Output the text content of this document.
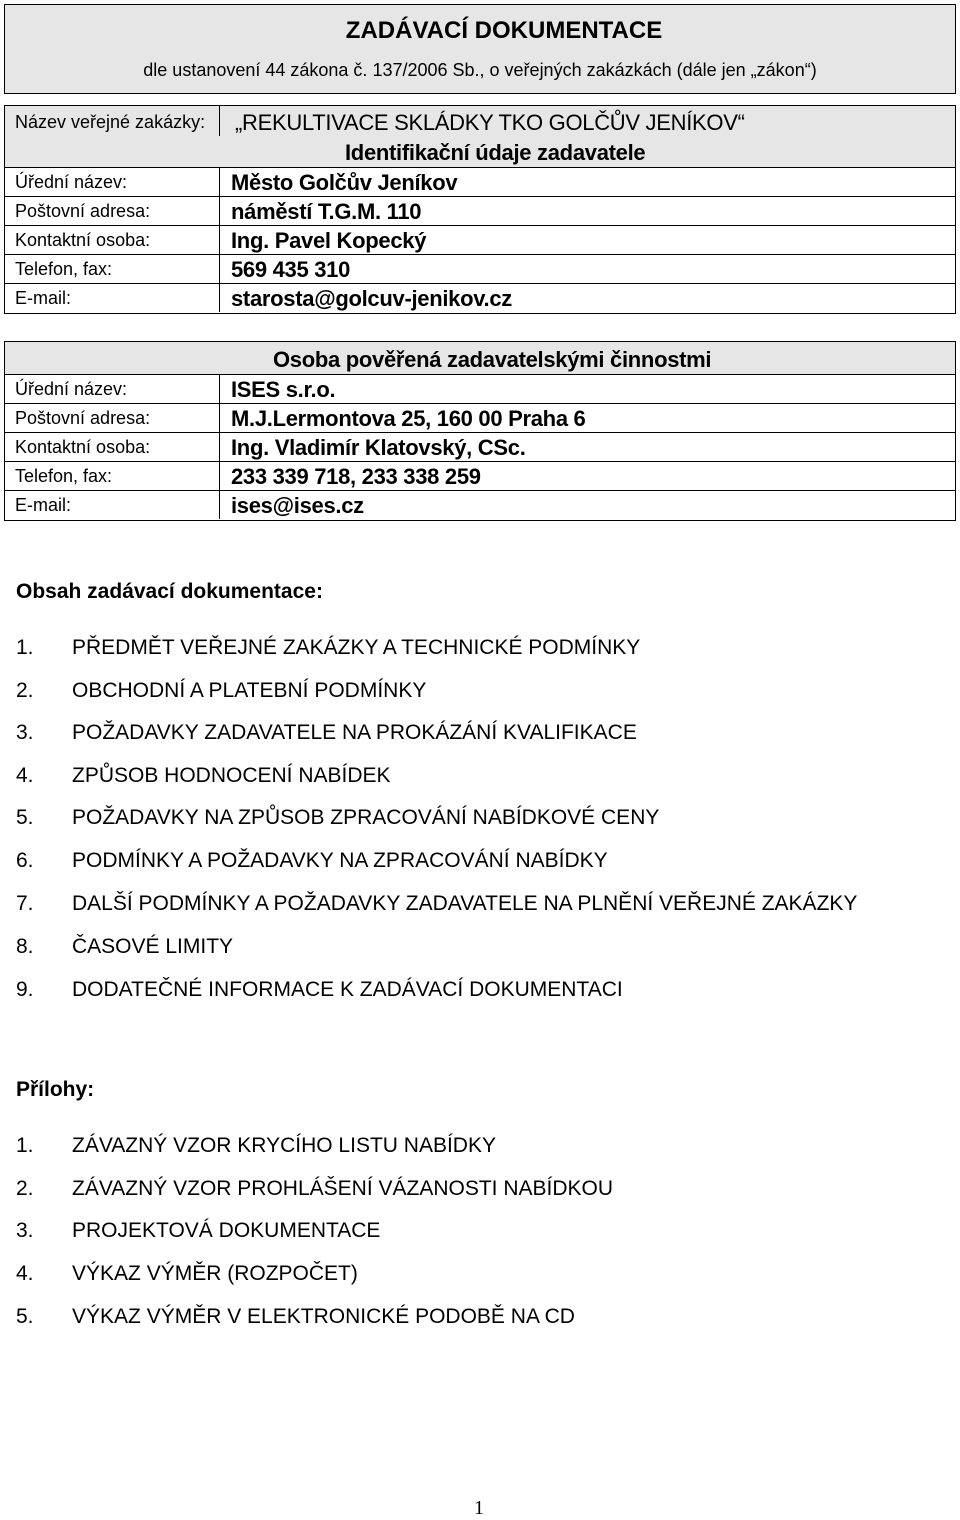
ZADÁVACÍ DOKUMENTACE
dle ustanovení 44 zákona č. 137/2006 Sb., o veřejných zakázkách (dále jen „zákon“)
Název veřejné zakázky: „REKULTIVACE SKLÁDKY TKO GOLČŮV JENÍKOV“
Identifikační údaje zadavatele
Úřední název:	Město Golčův Jeníkov
Poštovní adresa:	náměstí T.G.M. 110
Kontaktní osoba:	Ing. Pavel Kopecký
Telefon, fax:	569 435 310
E-mail:	starosta@golcuv-jenikov.cz
Osoba pověřená zadavatelskými činnostmi
Úřední název:	ISES s.r.o.
Poštovní adresa:	M.J.Lermontova 25, 160 00 Praha 6
Kontaktní osoba:	Ing. Vladimír Klatovský, CSc.
Telefon, fax:	233 339 718, 233 338 259
E-mail:	ises@ises.cz
Obsah zadávací dokumentace:
1. PŘEDMĚT VEŘEJNÉ ZAKÁZKY A TECHNICKÉ PODMÍNKY
2. OBCHODNÍ A PLATEBNÍ PODMÍNKY
3. POŽADAVKY ZADAVATELE NA PROKÁZÁNÍ KVALIFIKACE
4. ZPŮSOB HODNOCENÍ NABÍDEK
5. POŽADAVKY NA ZPŮSOB ZPRACOVÁNÍ NABÍDKOVÉ CENY
6. PODMÍNKY A POŽADAVKY NA ZPRACOVÁNÍ NABÍDKY
7. DALŠÍ PODMÍNKY A POŽADAVKY ZADAVATELE NA PLNĚNÍ VEŘEJNÉ ZAKÁZKY
8. ČASOVÉ LIMITY
9. DODATEČNÉ INFORMACE K ZADÁVACÍ DOKUMENTACI
Přílohy:
1. ZÁVAZNÝ VZOR KRYCÍHO LISTU NABÍDKY
2. ZÁVAZNÝ VZOR PROHLÁŠENÍ VÁZANOSTI NABÍDKOU
3. PROJEKTOVÁ DOKUMENTACE
4. VÝKAZ VÝMĚR (ROZPOČET)
5. VÝKAZ VÝMĚR V ELEKTRONICKÉ PODOBĚ NA CD
1
